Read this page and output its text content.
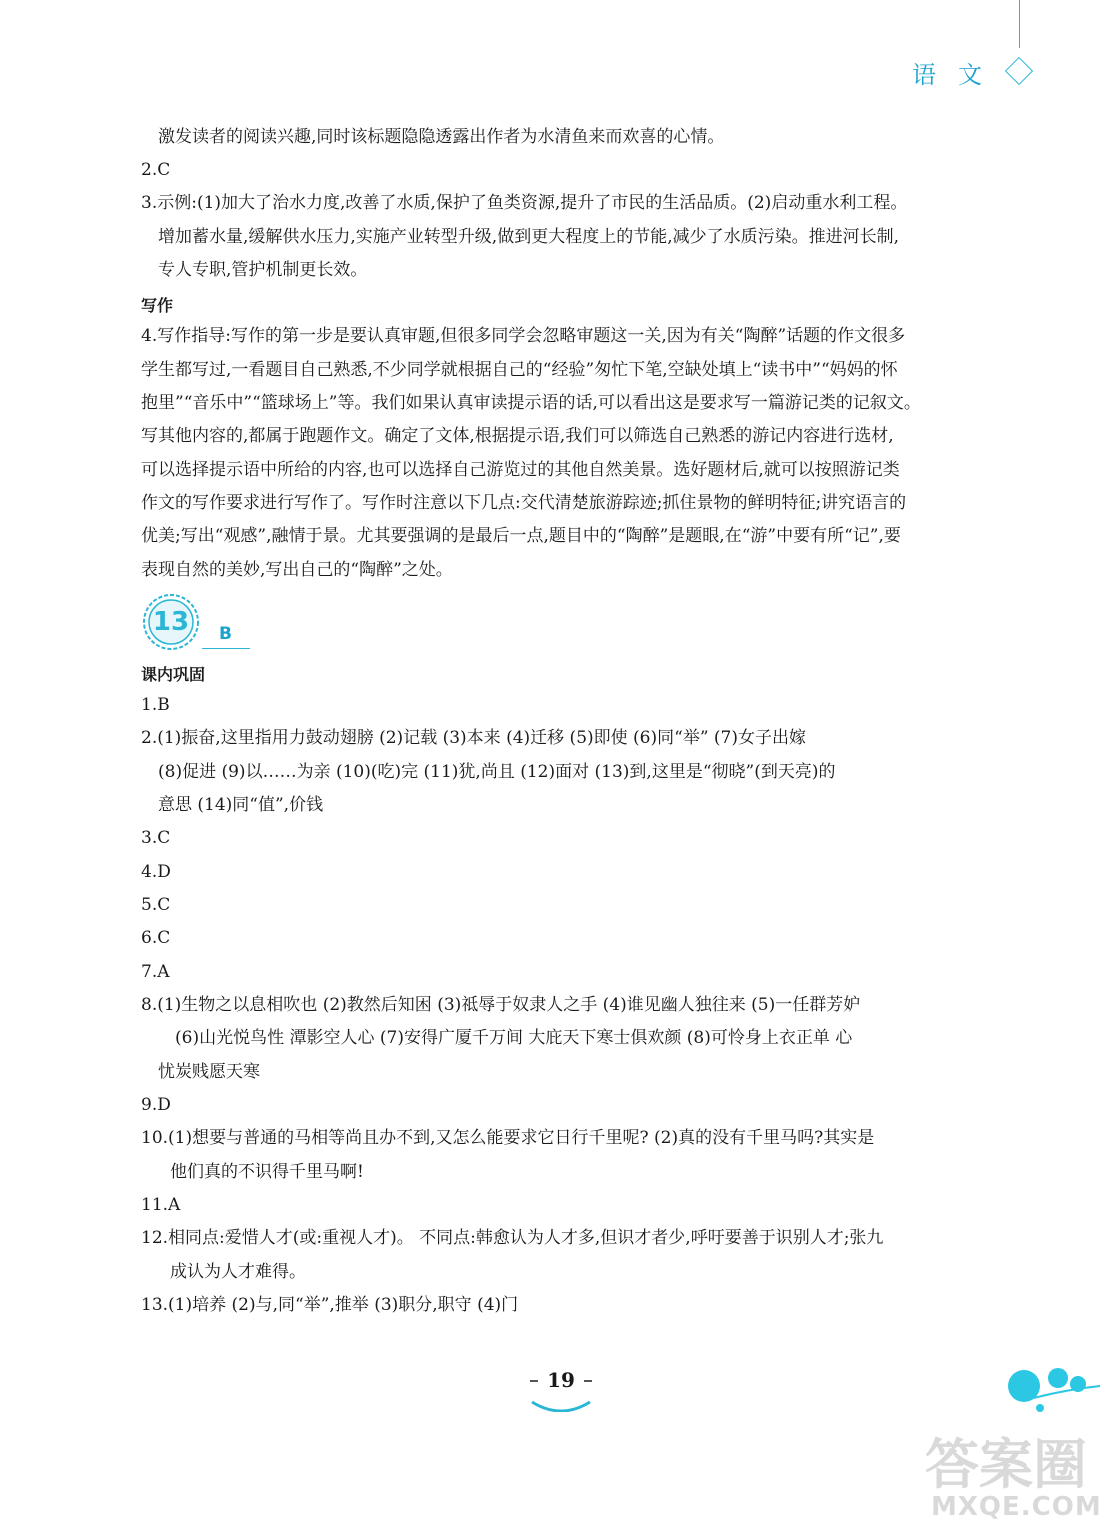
语文
激发读者的阅读兴趣,同时该标题隐隐透露出作者为水清鱼来而欢喜的心情。
2.C
3.示例:(1)加大了治水力度,改善了水质,保护了鱼类资源,提升了市民的生活品质。(2)启动重水利工程。
增加蓄水量,缓解供水压力,实施产业转型升级,做到更大程度上的节能,减少了水质污染。推进河长制,
专人专职,管护机制更长效。
写作
4.写作指导:写作的第一步是要认真审题,但很多同学会忽略审题这一关,因为有关“陶醉”话题的作文很多
学生都写过,一看题目自己熟悉,不少同学就根据自己的“经验”匆忙下笔,空缺处填上“读书中”“妈妈的怀
抱里”“音乐中”“篮球场上”等。我们如果认真审读提示语的话,可以看出这是要求写一篇游记类的记叙文。
写其他内容的,都属于跑题作文。确定了文体,根据提示语,我们可以筛选自己熟悉的游记内容进行选材,
可以选择提示语中所给的内容,也可以选择自己游览过的其他自然美景。选好题材后,就可以按照游记类
作文的写作要求进行写作了。写作时注意以下几点:交代清楚旅游踪迹;抓住景物的鲜明特征;讲究语言的
优美;写出“观感”,融情于景。尤其要强调的是最后一点,题目中的“陶醉”是题眼,在“游”中要有所“记”,要
表现自然的美妙,写出自己的“陶醉”之处。
13	B
课内巩固
1.B
2.(1)振奋,这里指用力鼓动翅膀 (2)记载 (3)本来 (4)迁移 (5)即使 (6)同“举” (7)女子出嫁
(8)促进 (9)以……为亲 (10)(吃)完 (11)犹,尚且 (12)面对 (13)到,这里是“彻晓”(到天亮)的
意思 (14)同“值”,价钱
3.C
4.D
5.C
6.C
7.A
8.(1)生物之以息相吹也 (2)教然后知困 (3)祗辱于奴隶人之手 (4)谁见幽人独往来 (5)一任群芳妒
(6)山光悦鸟性 潭影空人心 (7)安得广厦千万间 大庇天下寒士俱欢颜 (8)可怜身上衣正单 心
忧炭贱愿天寒
9.D
10.(1)想要与普通的马相等尚且办不到,又怎么能要求它日行千里呢? (2)真的没有千里马吗?其实是
他们真的不识得千里马啊!
11.A
12.相同点:爱惜人才(或:重视人才)。 不同点:韩愈认为人才多,但识才者少,呼吁要善于识别人才;张九
成认为人才难得。
13.(1)培养 (2)与,同“举”,推举 (3)职分,职守 (4)门
19
答案圈
MXQE.COM
